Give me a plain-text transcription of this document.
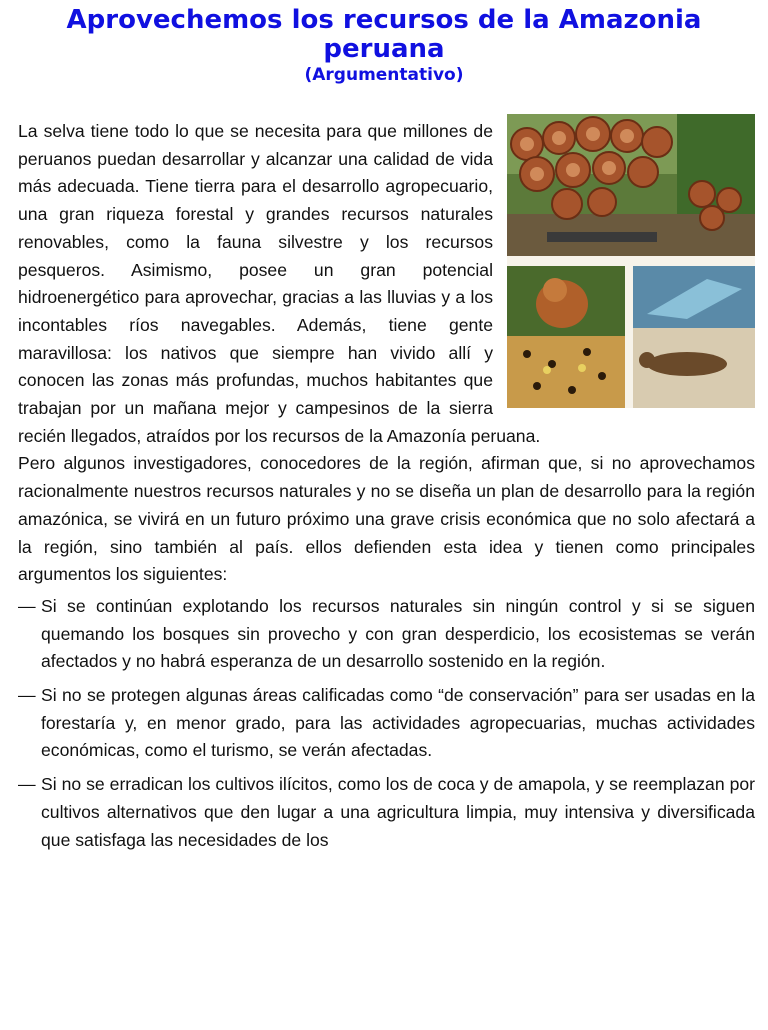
Aprovechemos los recursos de la Amazonia peruana
(Argumentativo)

La selva tiene todo lo que se necesita para que millones de peruanos puedan desarrollar y alcanzar una calidad de vida más adecuada. Tiene tierra para el desarrollo agropecuario, una gran riqueza forestal y grandes recursos naturales renovables, como la fauna silvestre y los recursos pesqueros. Asimismo, posee un gran potencial hidroenergético para aprovechar, gracias a las lluvias y a los incontables ríos navegables. Además, tiene gente maravillosa: los nativos que siempre han vivido allí y conocen las zonas más profundas, muchos habitantes que trabajan por un mañana mejor y campesinos de la sierra recién llegados, atraídos por los recursos de la Amazonía peruana.

Pero algunos investigadores, conocedores de la región, afirman que, si no aprovechamos racionalmente nuestros recursos naturales y no se diseña un plan de desarrollo para la región amazónica, se vivirá en un futuro próximo una grave crisis económica que no solo afectará a la región, sino también al país. ellos defienden esta idea y tienen como principales argumentos los siguientes:

— Si se continúan explotando los recursos naturales sin ningún control y si se siguen quemando los bosques sin provecho y con gran desperdicio, los ecosistemas se verán afectados y no habrá esperanza de un desarrollo sostenido en la región.
— Si no se protegen algunas áreas calificadas como “de conservación” para ser usadas en la forestaría y, en menor grado, para las actividades agropecuarias, muchas actividades económicas, como el turismo, se verán afectadas.
— Si no se erradican los cultivos ilícitos, como los de coca y de amapola, y se reemplazan por cultivos alternativos que den lugar a una agricultura limpia, muy intensiva y diversificada que satisfaga las necesidades de los
